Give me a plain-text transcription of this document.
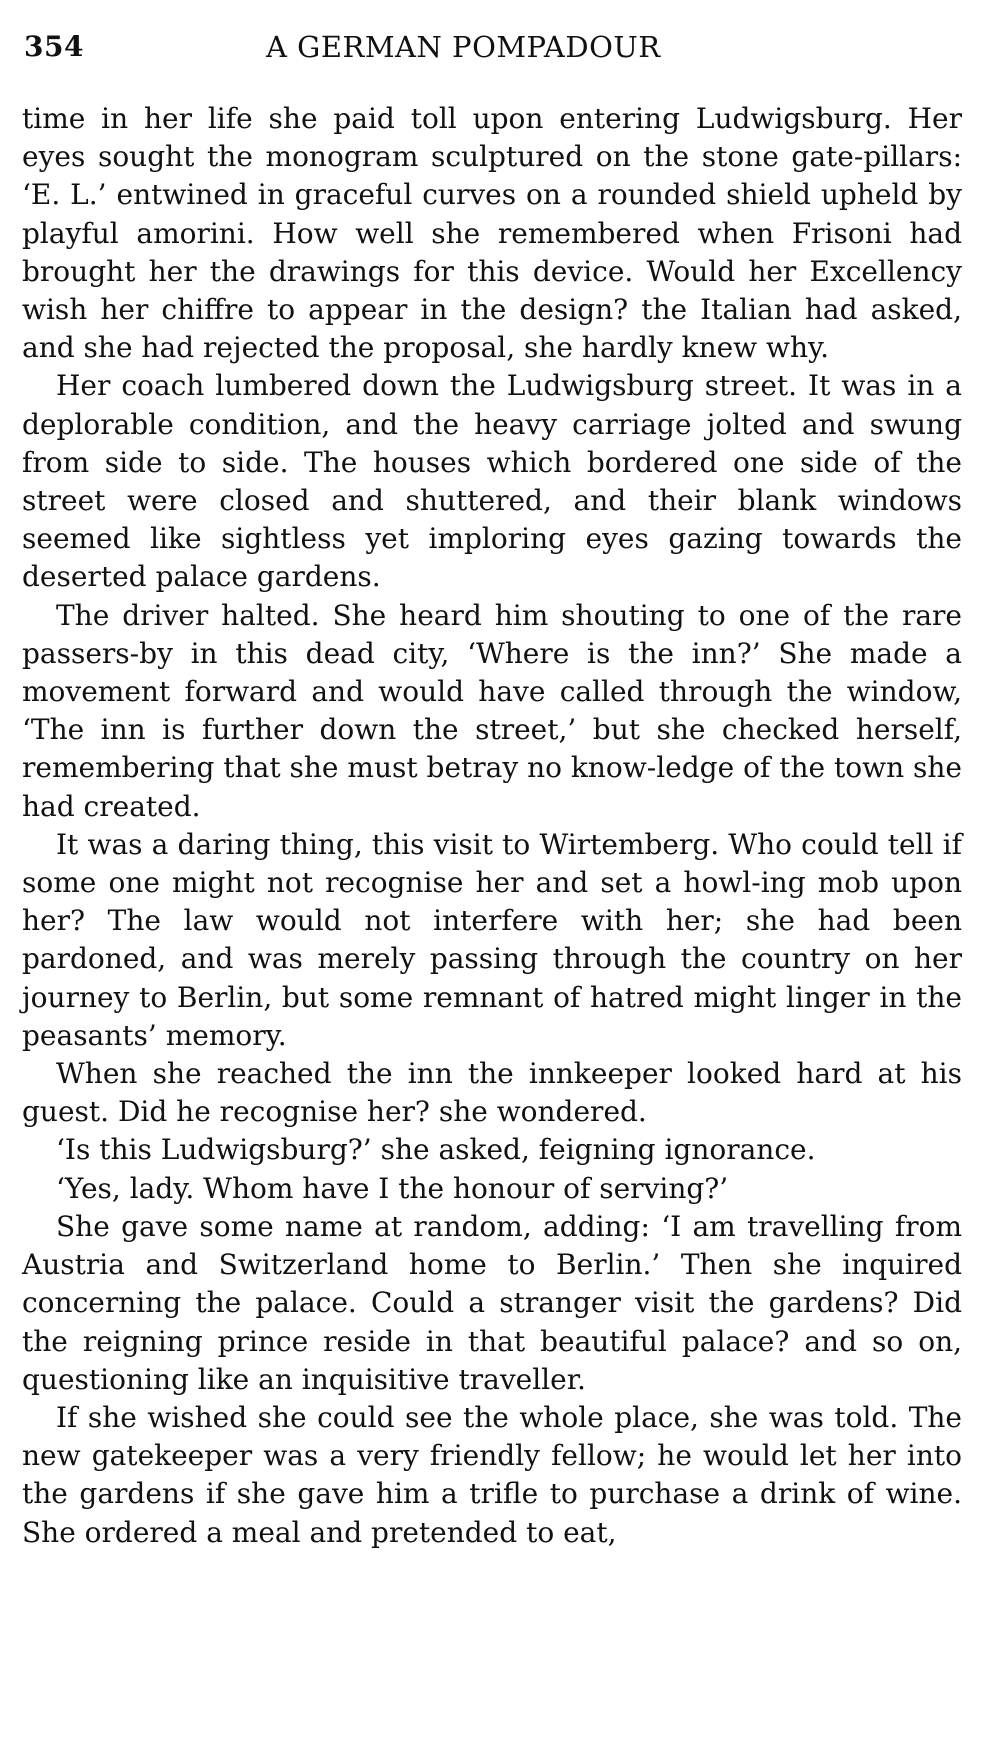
354	A GERMAN POMPADOUR

time in her life she paid toll upon entering Ludwigsburg. Her eyes sought the monogram sculptured on the stone gate-pillars: ‘E. L.’ entwined in graceful curves on a rounded shield upheld by playful amorini. How well she remembered when Frisoni had brought her the drawings for this device. Would her Excellency wish her chiffre to appear in the design? the Italian had asked, and she had rejected the proposal, she hardly knew why.

Her coach lumbered down the Ludwigsburg street. It was in a deplorable condition, and the heavy carriage jolted and swung from side to side. The houses which bordered one side of the street were closed and shuttered, and their blank windows seemed like sightless yet imploring eyes gazing towards the deserted palace gardens.

The driver halted. She heard him shouting to one of the rare passers-by in this dead city, ‘Where is the inn?’ She made a movement forward and would have called through the window, ‘The inn is further down the street,’ but she checked herself, remembering that she must betray no know-ledge of the town she had created.

It was a daring thing, this visit to Wirtemberg. Who could tell if some one might not recognise her and set a howl-ing mob upon her? The law would not interfere with her; she had been pardoned, and was merely passing through the country on her journey to Berlin, but some remnant of hatred might linger in the peasants’ memory.

When she reached the inn the innkeeper looked hard at his guest. Did he recognise her? she wondered.

‘Is this Ludwigsburg?’ she asked, feigning ignorance.

‘Yes, lady. Whom have I the honour of serving?’

She gave some name at random, adding: ‘I am travelling from Austria and Switzerland home to Berlin.’ Then she inquired concerning the palace. Could a stranger visit the gardens? Did the reigning prince reside in that beautiful palace? and so on, questioning like an inquisitive traveller.

If she wished she could see the whole place, she was told. The new gatekeeper was a very friendly fellow; he would let her into the gardens if she gave him a trifle to purchase a drink of wine. She ordered a meal and pretended to eat,
